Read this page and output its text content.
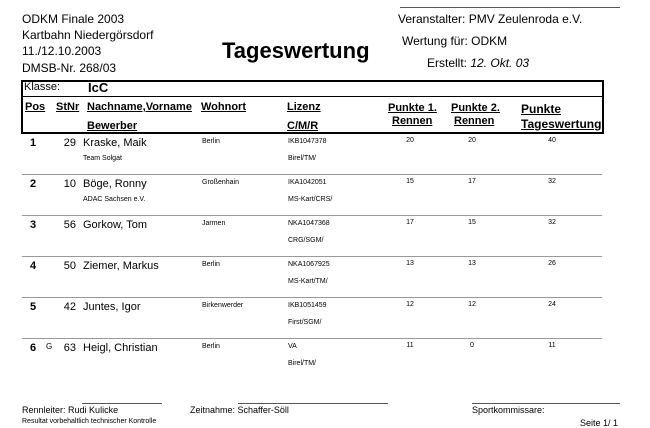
ODKM Finale 2003
Kartbahn Niedergörsdorf
11./12.10.2003
DMSB-Nr. 268/03
Tageswertung
Veranstalter: PMV Zeulenroda e.V.
Wertung für: ODKM
Erstellt: 12. Okt. 03
Klasse: IcC
Pos StNr Nachname,Vorname
Bewerber
Wohnort	Lizenz
C/M/R
Punkte 1.
Rennen
Punkte 2.
Rennen
Punkte
Tageswertung
1	29 Kraske, Maik
Team Solgat
Berlin	IKB1047378
Birel/TM/
20	20	40
2	10 Böge, Ronny
ADAC Sachsen e.V.
Großenhain	IKA1042051
MS-Kart/CRS/
15	17	32
3	56 Gorkow, Tom	Jarmen	NKA1047368
CRG/SGM/
17	15	32
4	50 Ziemer, Markus	Berlin	NKA1067925
MS-Kart/TM/
13	13	26
5	42 Juntes, Igor	Birkenwerder	IKB1051459
First/SGM/
12	12	24
6 G	63 Heigl, Christian	Berlin	VA
Birel/TM/
11	0	11
Rennleiter: Rudi Kulicke	Zeitnahme: Schaffer-Söll	Sportkommissare:
Resultat vorbehaltlich technischer Kontrolle	Seite 1/ 1
